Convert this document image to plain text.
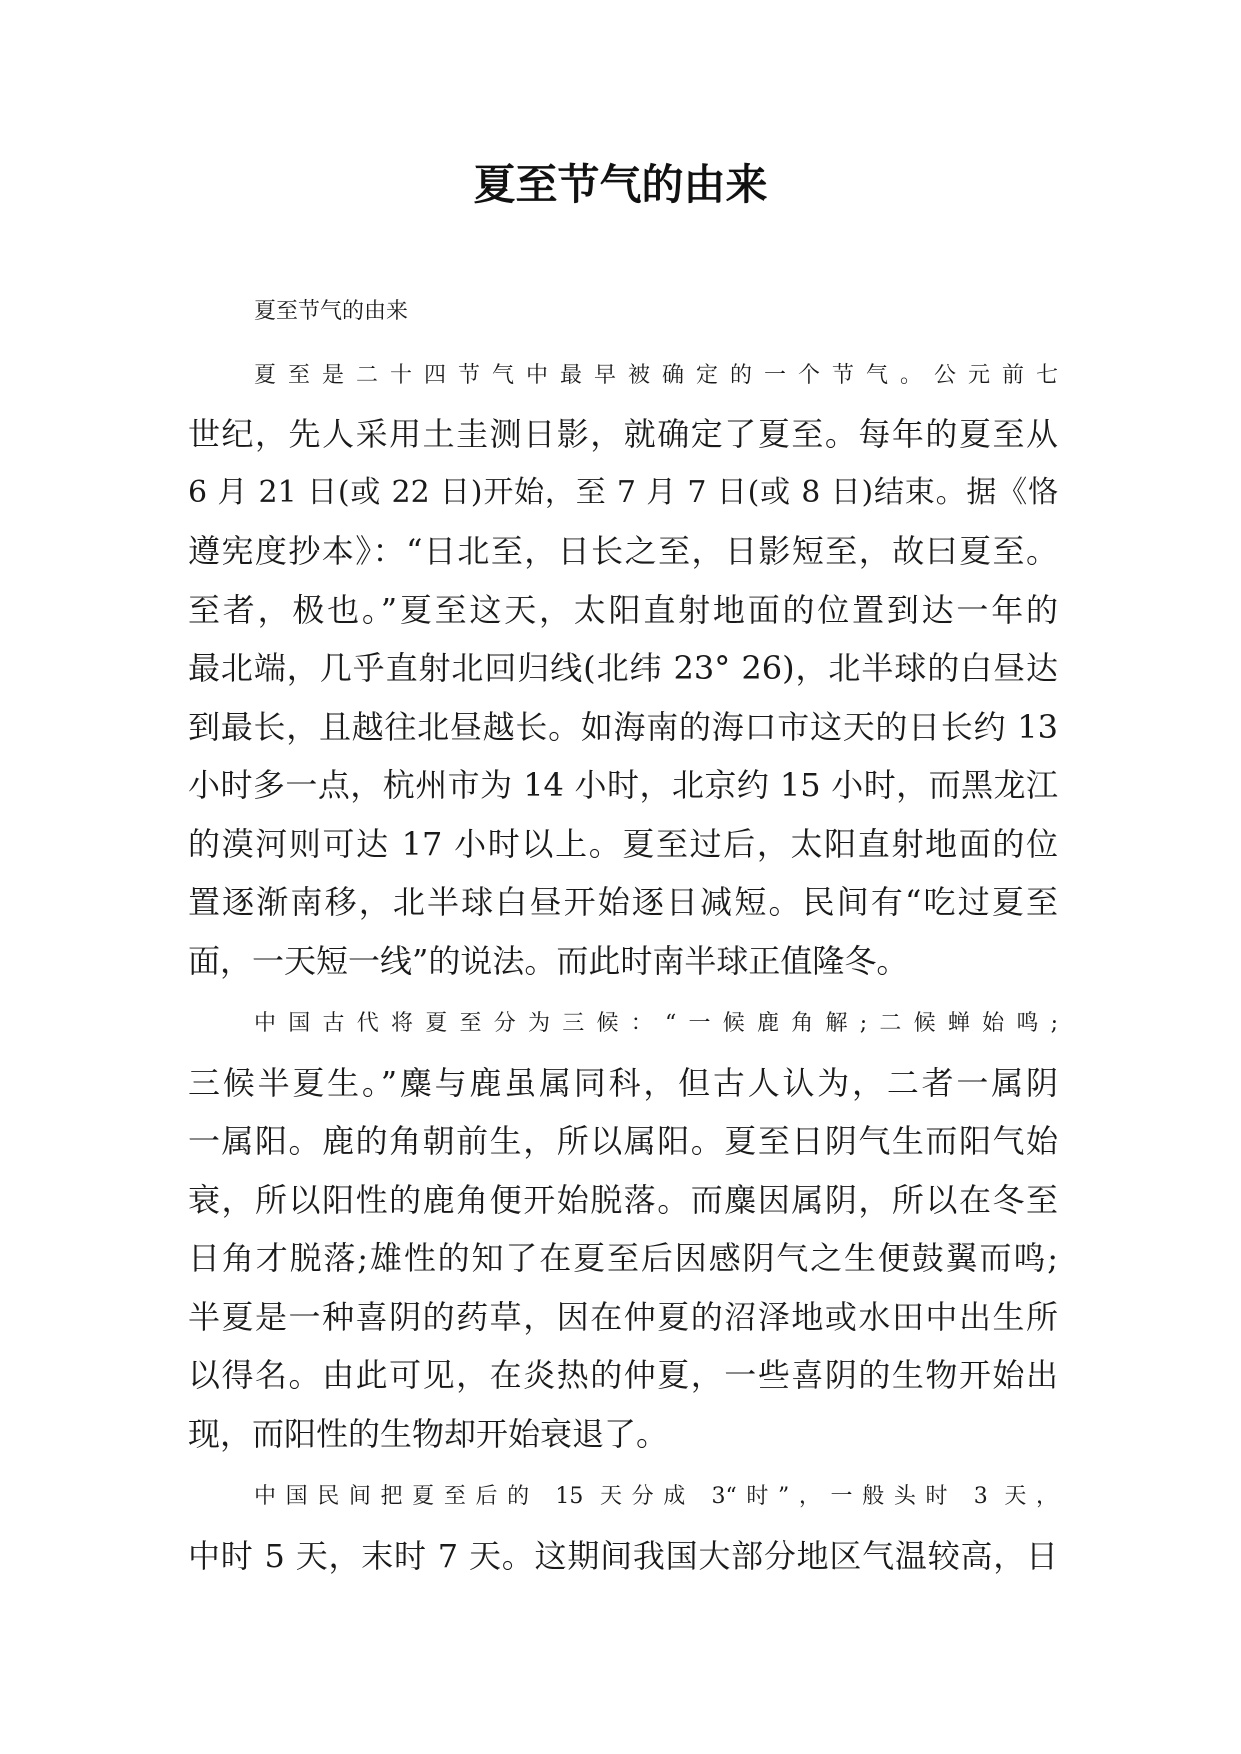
夏至节气的由来

夏至节气的由来

夏至是二十四节气中最早被确定的一个节气。公元前七
世纪，先人采用土圭测日影，就确定了夏至。每年的夏至从
6 月 21 日(或 22 日)开始，至 7 月 7 日(或 8 日)结束。据《恪
遵宪度抄本》：“日北至，日长之至，日影短至，故曰夏至。
至者，极也。”夏至这天，太阳直射地面的位置到达一年的
最北端，几乎直射北回归线(北纬 23° 26)，北半球的白昼达
到最长，且越往北昼越长。如海南的海口市这天的日长约 13
小时多一点，杭州市为 14 小时，北京约 15 小时，而黑龙江
的漠河则可达 17 小时以上。夏至过后，太阳直射地面的位
置逐渐南移，北半球白昼开始逐日减短。民间有“吃过夏至
面，一天短一线”的说法。而此时南半球正值隆冬。

中国古代将夏至分为三候：“一候鹿角解;二候蝉始鸣;
三候半夏生。”麋与鹿虽属同科，但古人认为，二者一属阴
一属阳。鹿的角朝前生，所以属阳。夏至日阴气生而阳气始
衰，所以阳性的鹿角便开始脱落。而麋因属阴，所以在冬至
日角才脱落;雄性的知了在夏至后因感阴气之生便鼓翼而鸣;
半夏是一种喜阴的药草，因在仲夏的沼泽地或水田中出生所
以得名。由此可见，在炎热的仲夏，一些喜阴的生物开始出
现，而阳性的生物却开始衰退了。

中国民间把夏至后的 15 天分成 3“时”，一般头时 3 天，
中时 5 天，末时 7 天。这期间我国大部分地区气温较高，日
